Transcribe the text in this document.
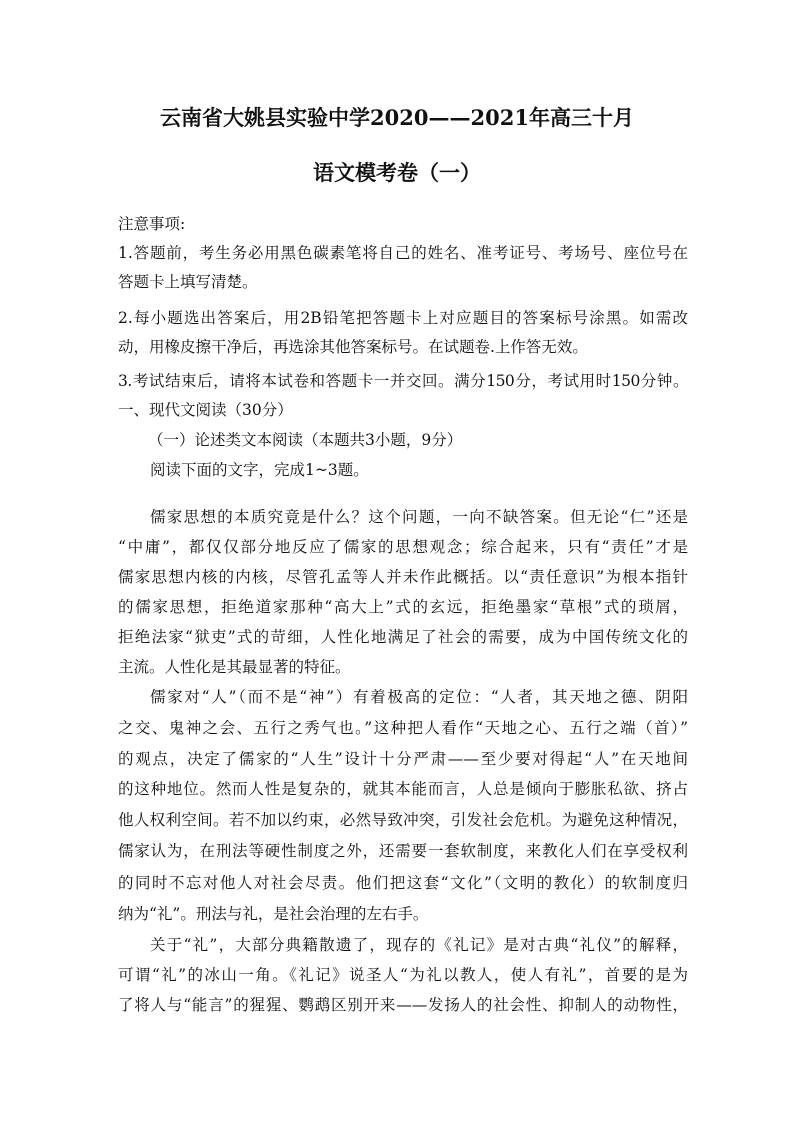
云南省大姚县实验中学2020——2021年高三十月
语文模考卷（一）
注意事项:
1.答题前，考生务必用黑色碳素笔将自己的姓名、准考证号、考场号、座位号在
答题卡上填写清楚。
2.每小题选出答案后，用2B铅笔把答题卡上对应题目的答案标号涂黑。如需改
动，用橡皮擦干净后，再选涂其他答案标号。在试题卷.上作答无效。
3.考试结束后，请将本试卷和答题卡一并交回。满分150分，考试用时150分钟。
一、现代文阅读（30分）
（一）论述类文本阅读（本题共3小题，9分）
阅读下面的文字，完成1~3题。
儒家思想的本质究竟是什么？这个问题，一向不缺答案。但无论“仁”还是
“中庸”，都仅仅部分地反应了儒家的思想观念；综合起来，只有“责任”才是
儒家思想内核的内核，尽管孔孟等人并未作此概括。以“责任意识”为根本指针
的儒家思想，拒绝道家那种“高大上”式的玄远，拒绝墨家“草根”式的琐屑，
拒绝法家“狱吏”式的苛细，人性化地满足了社会的需要，成为中国传统文化的
主流。人性化是其最显著的特征。
儒家对“人”（而不是“神”）有着极高的定位：“人者，其天地之德、阴阳
之交、鬼神之会、五行之秀气也。”这种把人看作“天地之心、五行之端（首）”
的观点，决定了儒家的“人生”设计十分严肃——至少要对得起“人”在天地间
的这种地位。然而人性是复杂的，就其本能而言，人总是倾向于膨胀私欲、挤占
他人权利空间。若不加以约束，必然导致冲突，引发社会危机。为避免这种情况，
儒家认为，在刑法等硬性制度之外，还需要一套软制度，来教化人们在享受权利
的同时不忘对他人对社会尽责。他们把这套“文化”（文明的教化）的软制度归
纳为“礼”。刑法与礼，是社会治理的左右手。
关于“礼”，大部分典籍散遗了，现存的《礼记》是对古典“礼仪”的解释，
可谓“礼”的冰山一角。《礼记》说圣人“为礼以教人，使人有礼”，首要的是为
了将人与“能言”的猩猩、鹦鹉区别开来——发扬人的社会性、抑制人的动物性，
